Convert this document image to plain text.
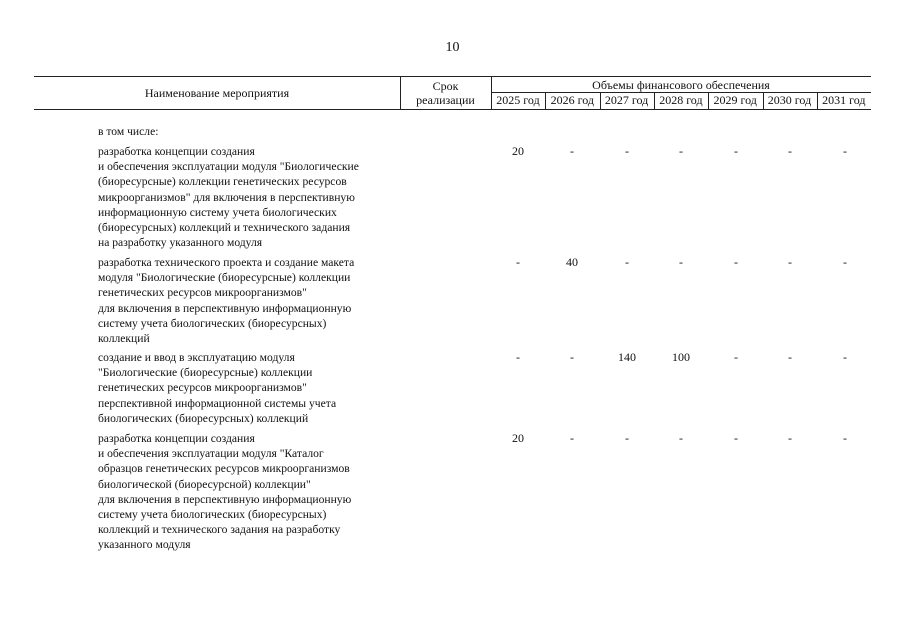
10
Наименование мероприятия	Срок
реализации
Объемы финансового обеспечения
2025 год 2026 год 2027 год 2028 год 2029 год 2030 год 2031 год
в том числе:
разработка концепции создания
и обеспечения эксплуатации модуля "Биологические
(биоресурсные) коллекции генетических ресурсов
микроорганизмов" для включения в перспективную
информационную систему учета биологических
(биоресурсных) коллекций и технического задания
на разработку указанного модуля
20	-	-	-	-	-	-
разработка технического проекта и создание макета
модуля "Биологические (биоресурсные) коллекции
генетических ресурсов микроорганизмов"
для включения в перспективную информационную
систему учета биологических (биоресурсных)
коллекций
-	40	-	-	-	-	-
создание и ввод в эксплуатацию модуля
"Биологические (биоресурсные) коллекции
генетических ресурсов микроорганизмов"
перспективной информационной системы учета
биологических (биоресурсных) коллекций
-	-	140	100	-	-	-
разработка концепции создания
и обеспечения эксплуатации модуля "Каталог
образцов генетических ресурсов микроорганизмов
биологической (биоресурсной) коллекции"
для включения в перспективную информационную
систему учета биологических (биоресурсных)
коллекций и технического задания на разработку
указанного модуля
20	-	-	-	-	-	-
